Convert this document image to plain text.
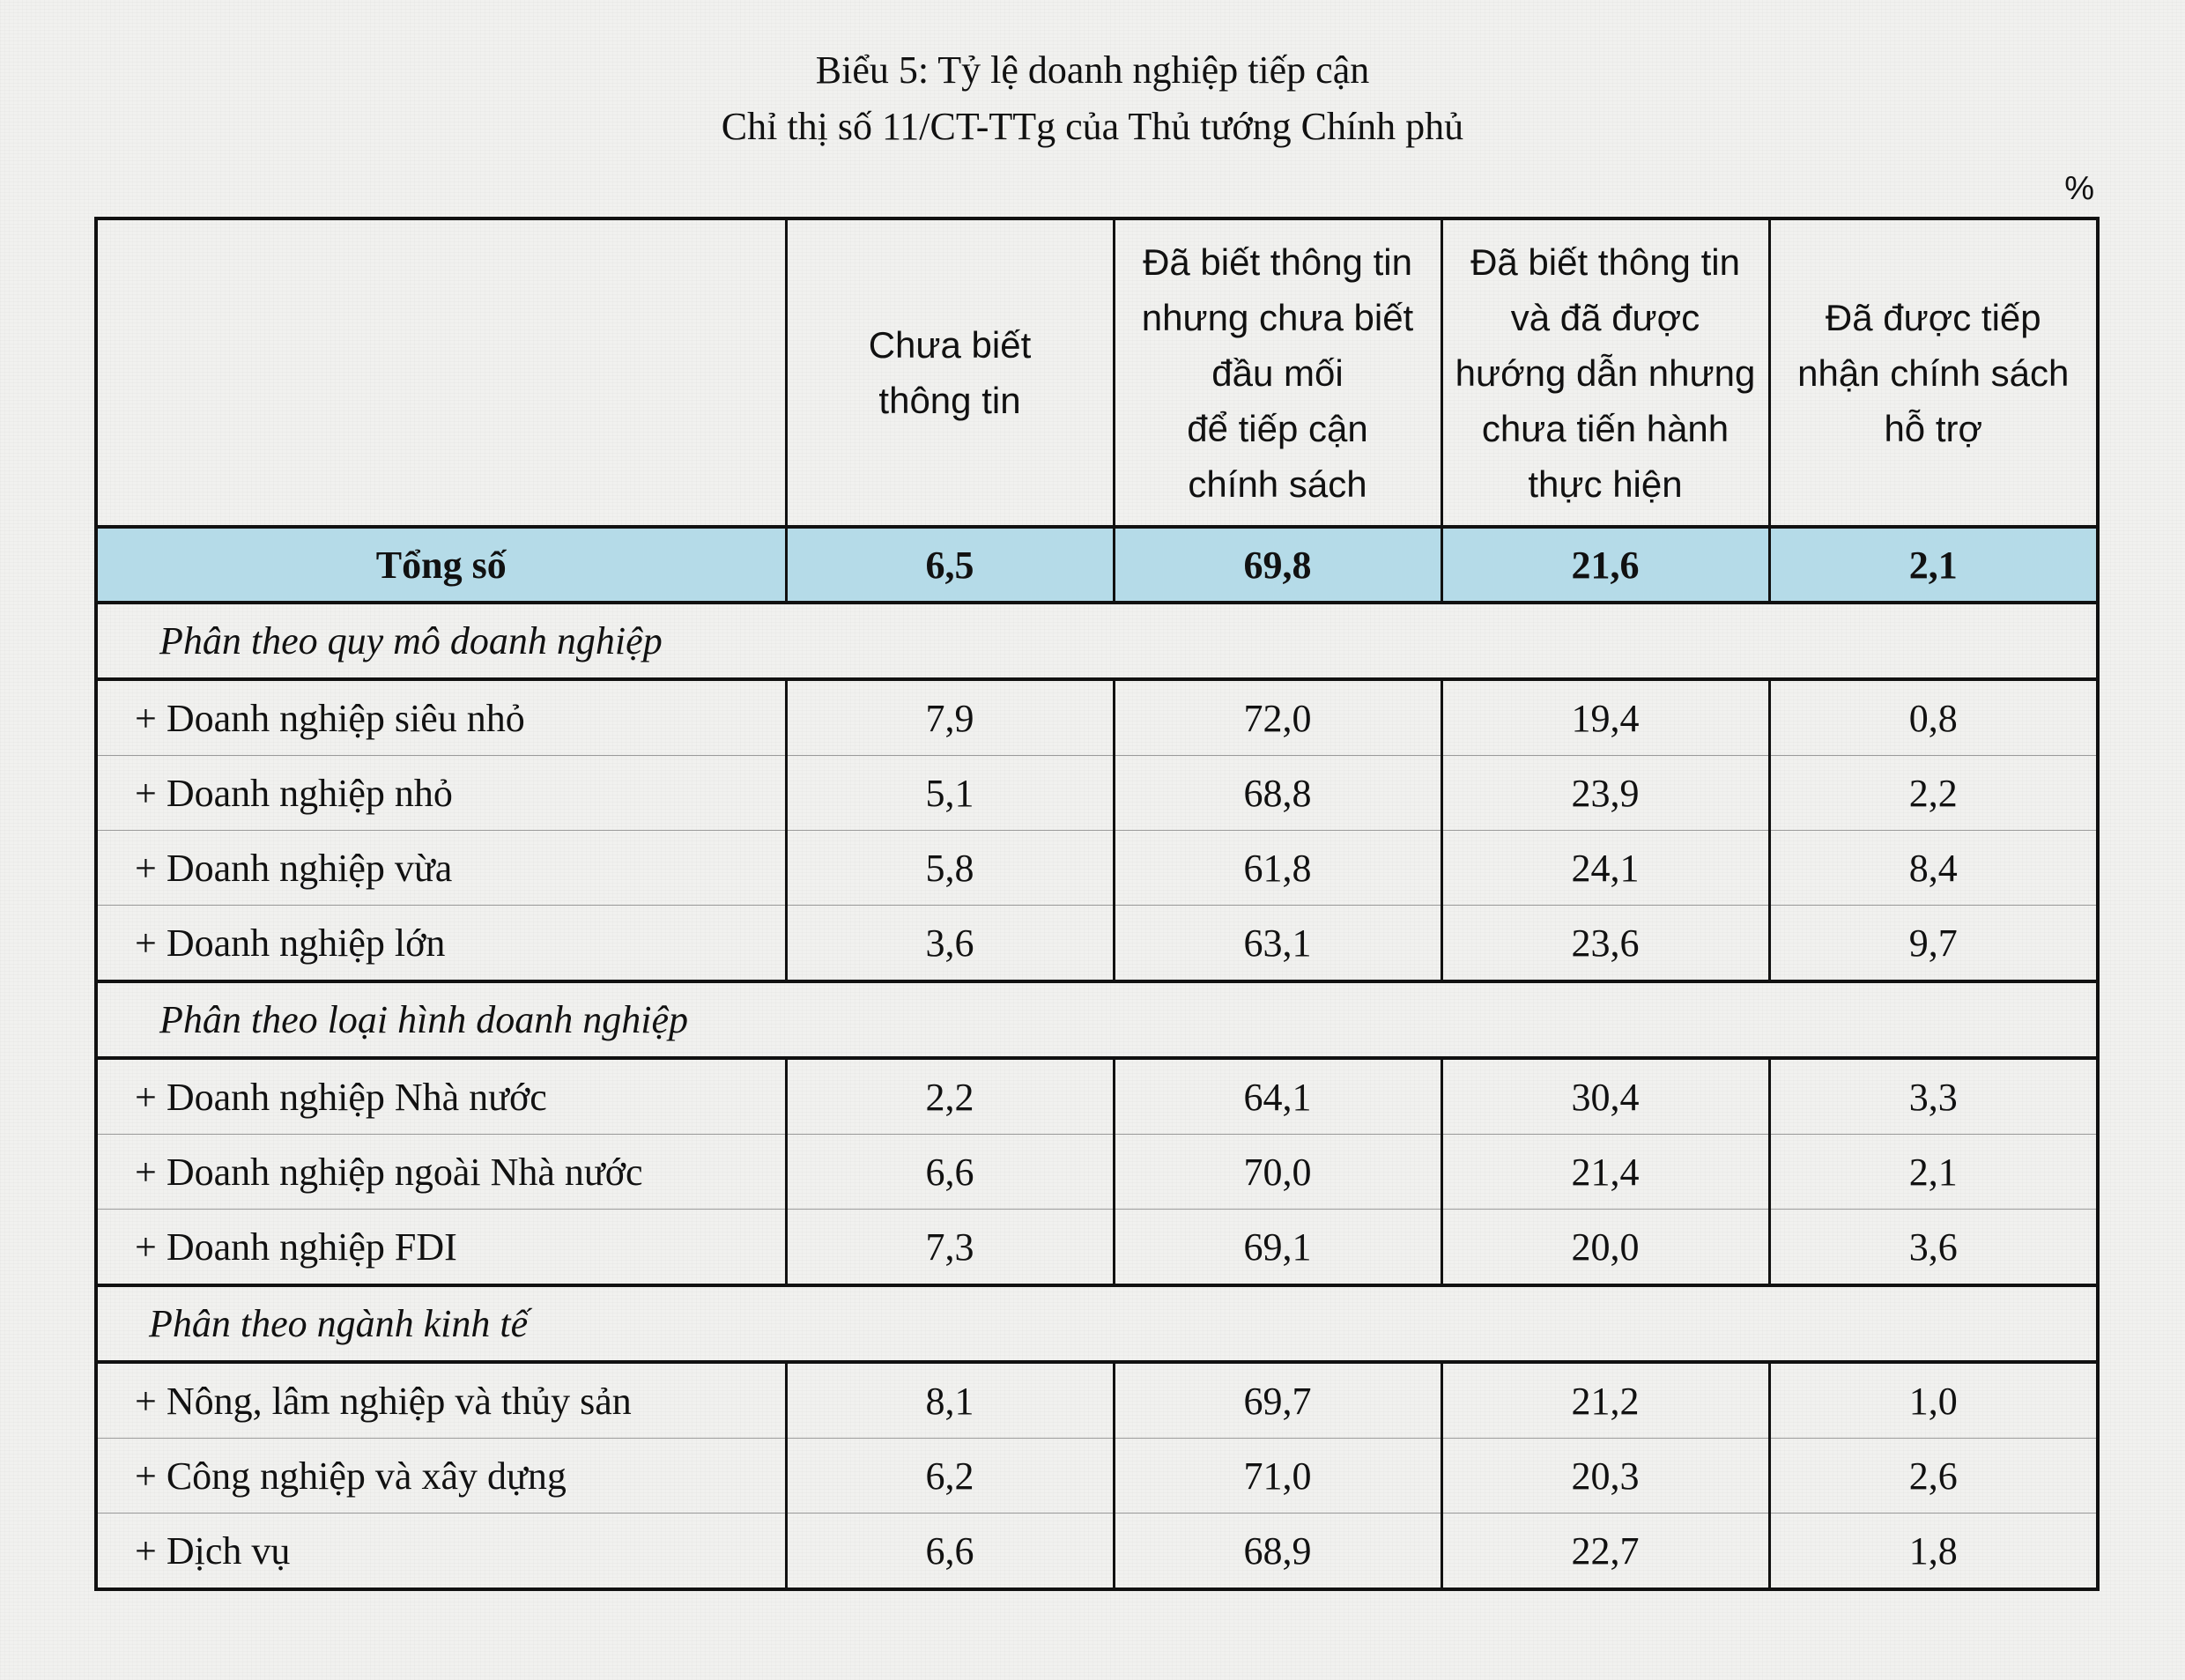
Biểu 5: Tỷ lệ doanh nghiệp tiếp cận
Chỉ thị số 11/CT-TTg của Thủ tướng Chính phủ
%
	Chưa biết
thông tin	Đã biết thông tin
nhưng chưa biết
đầu mối
để tiếp cận
chính sách	Đã biết thông tin
và đã được
hướng dẫn nhưng
chưa tiến hành
thực hiện	Đã được tiếp
nhận chính sách
hỗ trợ
Tổng số	6,5	69,8	21,6	2,1
Phân theo quy mô doanh nghiệp				
+ Doanh nghiệp siêu nhỏ	7,9	72,0	19,4	0,8
+ Doanh nghiệp nhỏ	5,1	68,8	23,9	2,2
+ Doanh nghiệp vừa	5,8	61,8	24,1	8,4
+ Doanh nghiệp lớn	3,6	63,1	23,6	9,7
Phân theo loại hình doanh nghiệp				
+ Doanh nghiệp Nhà nước	2,2	64,1	30,4	3,3
+ Doanh nghiệp ngoài Nhà nước	6,6	70,0	21,4	2,1
+ Doanh nghiệp FDI	7,3	69,1	20,0	3,6
Phân theo ngành kinh tế				
+ Nông, lâm nghiệp và thủy sản	8,1	69,7	21,2	1,0
+ Công nghiệp và xây dựng	6,2	71,0	20,3	2,6
+ Dịch vụ	6,6	68,9	22,7	1,8
